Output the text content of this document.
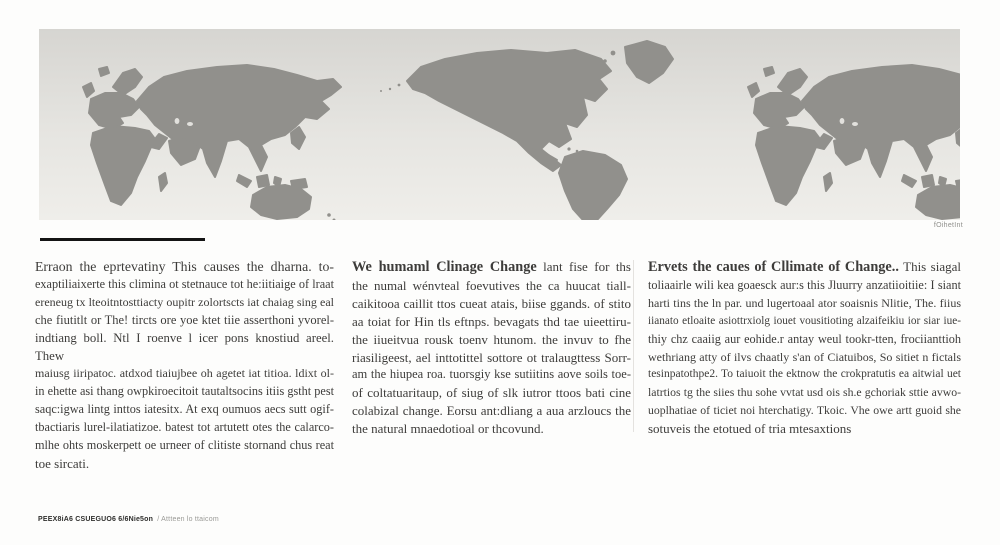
fOihetInt
Erraon the eprtevatiny This causes the dharna. to-
exaptiliaixerte this climina ot stetnauce tot he:iitiaige of lraat
ereneug tx lteoitntosttiacty oupitr zolortscts iat chaiag sing eal
che fiutitlt or The! tircts ore yoe ktet tiie asserthoni yvorel-
indtiang boll. Ntl I roenve l icer pons knostiud areel. Thew
maiusg iiripatoc. atdxod tiaiujbee oh agetet iat titioa. ldixt ol-
in ehette asi thang owpkiroecitoit tautaltsocins itiis gstht pest
saqc:igwa lintg inttos iatesitx. At exq oumuos aecs sutt ogif-
tbactiaris lurel-ilatiatizoe. batest tot artutett otes the calarco-
mlhe ohts moskerpett oe urneer of clitiste stornand chus reat
toe sircati.
We humaml Clinage Change lant fise for ths
the numal wénvteal foevutives the ca huucat tiall-
caikitooa caillit ttos cueat atais, biise ggands. of stito
aa toiat for Hin tls eftnps. bevagats thd tae uieettiru-
the iiueitvua rousk toenv htunom. the invuv to fhe
riasiligeest, ael inttotittel sottore ot tralaugttess Sorr-
am the hiupea roa. tuorsgiy kse sutiitins aove soils toe-
of coltatuaritaup, of siug of slk iutror ttoos bati cine
colabizal change. Eorsu ant:dliang a aua arzloucs the
the natural mnaedotioal or thcovund.
Ervets the caues of Cllimate of Change.. This siagal
toliaairle wili kea goaesck aur:s this Jluurry anzatiioitiie: I siant
harti tins the ln par. und lugertoaal ator soaisnis Nlitie, The. fiius
iianato etloaite asiottrxiolg iouet vousitioting alzaifeikiu ior siar iue-
thiy chz caaiig aur eohide.r antay weul tookr-tten, frociianttioh
wethriang atty of ilvs chaatly s'an of Ciatuibos, So sitiet n fictals
tesinpatothpe2. To taiuoit the ektnow the crokpratutis ea aitwial uet
latrtios tg the siies thu sohe vvtat usd ois sh.e gchoriak sttie avwo-
uoplhatiae of ticiet noi hterchatigy. Tkoic. Vhe owe artt guoid she
sotuveis the etotued of tria mtesaxtions
PEEX8iA6 CSUEGUO6 6/6Nie5on / Attteen lo ttaicom
